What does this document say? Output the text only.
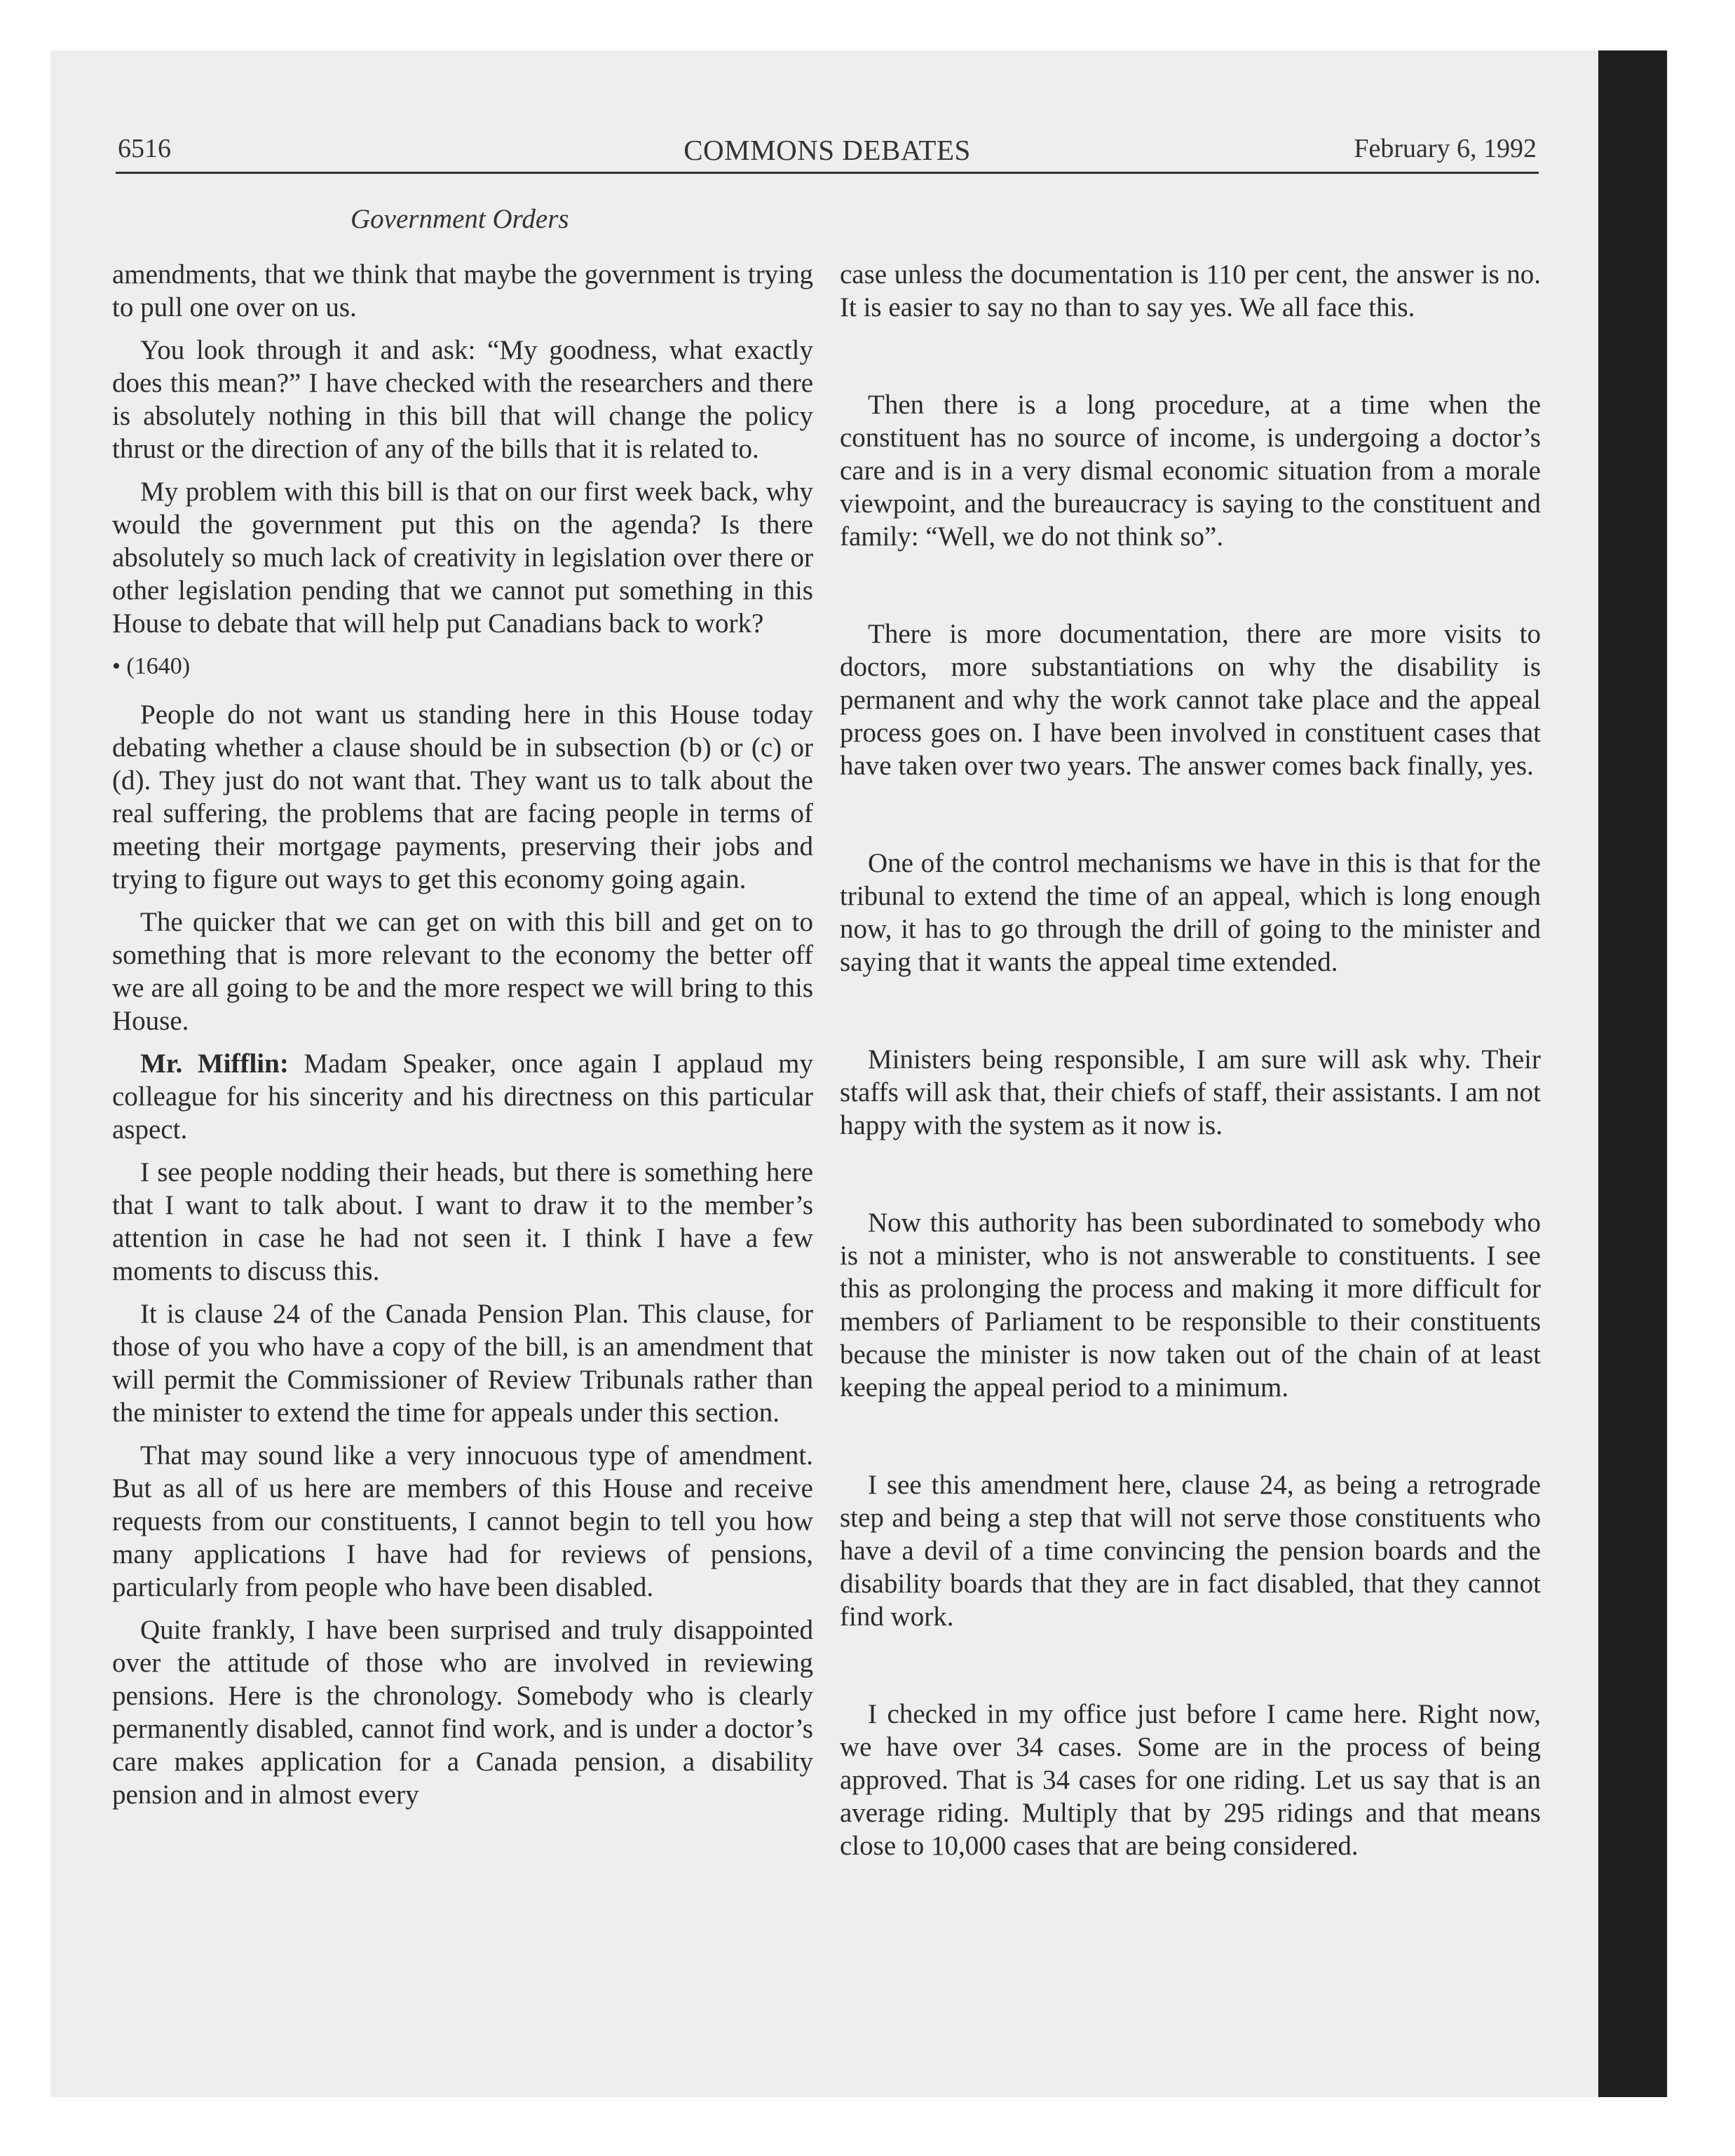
6516	COMMONS DEBATES	February 6, 1992
Government Orders

amendments, that we think that maybe the government is trying to pull one over on us.

You look through it and ask: “My goodness, what exactly does this mean?” I have checked with the researchers and there is absolutely nothing in this bill that will change the policy thrust or the direction of any of the bills that it is related to.

My problem with this bill is that on our first week back, why would the government put this on the agenda? Is there absolutely so much lack of creativity in legislation over there or other legislation pending that we cannot put something in this House to debate that will help put Canadians back to work?

• (1640)

People do not want us standing here in this House today debating whether a clause should be in subsection (b) or (c) or (d). They just do not want that. They want us to talk about the real suffering, the problems that are facing people in terms of meeting their mortgage payments, preserving their jobs and trying to figure out ways to get this economy going again.

The quicker that we can get on with this bill and get on to something that is more relevant to the economy the better off we are all going to be and the more respect we will bring to this House.

Mr. Mifflin: Madam Speaker, once again I applaud my colleague for his sincerity and his directness on this particular aspect.

I see people nodding their heads, but there is something here that I want to talk about. I want to draw it to the member’s attention in case he had not seen it. I think I have a few moments to discuss this.

It is clause 24 of the Canada Pension Plan. This clause, for those of you who have a copy of the bill, is an amendment that will permit the Commissioner of Review Tribunals rather than the minister to extend the time for appeals under this section.

That may sound like a very innocuous type of amendment. But as all of us here are members of this House and receive requests from our constituents, I cannot begin to tell you how many applications I have had for reviews of pensions, particularly from people who have been disabled.

Quite frankly, I have been surprised and truly disappointed over the attitude of those who are involved in reviewing pensions. Here is the chronology. Somebody who is clearly permanently disabled, cannot find work, and is under a doctor’s care makes application for a Canada pension, a disability pension and in almost every

case unless the documentation is 110 per cent, the answer is no. It is easier to say no than to say yes. We all face this.

Then there is a long procedure, at a time when the constituent has no source of income, is undergoing a doctor’s care and is in a very dismal economic situation from a morale viewpoint, and the bureaucracy is saying to the constituent and family: “Well, we do not think so”.

There is more documentation, there are more visits to doctors, more substantiations on why the disability is permanent and why the work cannot take place and the appeal process goes on. I have been involved in constituent cases that have taken over two years. The answer comes back finally, yes.

One of the control mechanisms we have in this is that for the tribunal to extend the time of an appeal, which is long enough now, it has to go through the drill of going to the minister and saying that it wants the appeal time extended.

Ministers being responsible, I am sure will ask why. Their staffs will ask that, their chiefs of staff, their assistants. I am not happy with the system as it now is.

Now this authority has been subordinated to somebody who is not a minister, who is not answerable to constituents. I see this as prolonging the process and making it more difficult for members of Parliament to be responsible to their constituents because the minister is now taken out of the chain of at least keeping the appeal period to a minimum.

I see this amendment here, clause 24, as being a retrograde step and being a step that will not serve those constituents who have a devil of a time convincing the pension boards and the disability boards that they are in fact disabled, that they cannot find work.

I checked in my office just before I came here. Right now, we have over 34 cases. Some are in the process of being approved. That is 34 cases for one riding. Let us say that is an average riding. Multiply that by 295 ridings and that means close to 10,000 cases that are being considered.
